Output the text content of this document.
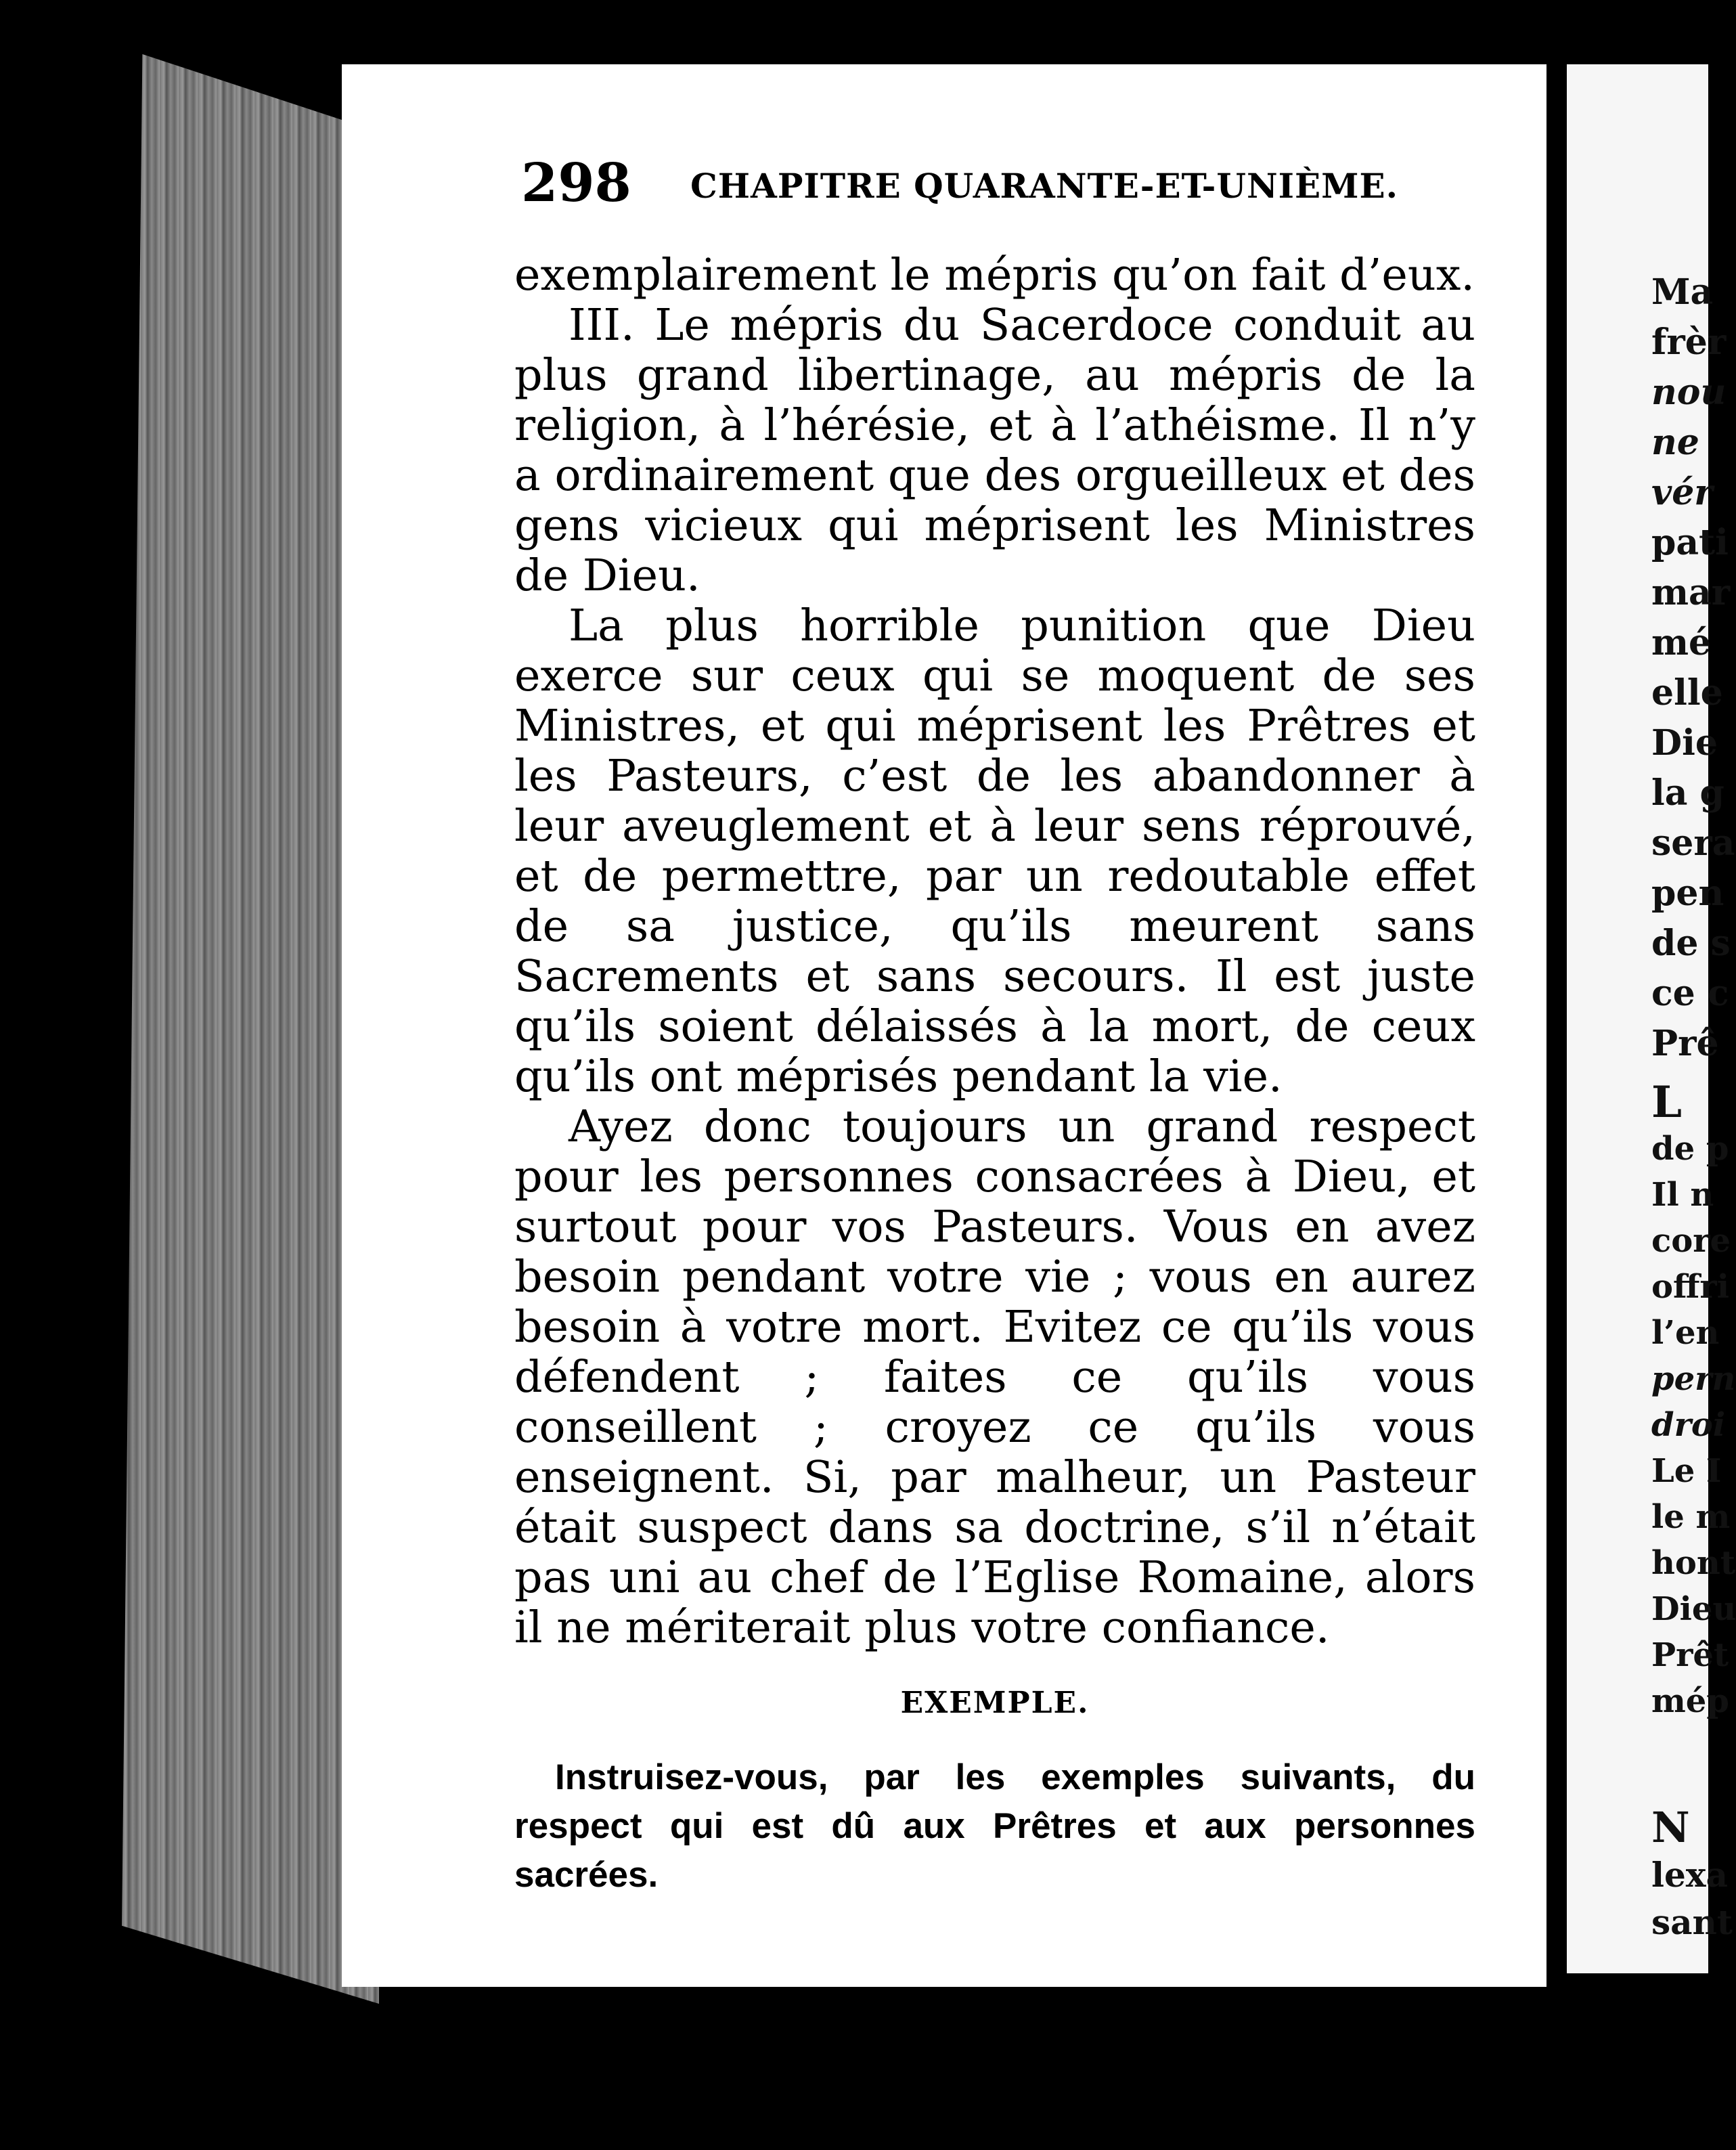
Ma
frèr
nou
ne
vér
pati
mar
mé
elle
Die
la g
sera
pen
de s
ce c
Prê
L
de p
Il n
core
offri
l’en
pern
droi
Le I
le m
hont
Dieu
Prêt
mép
N
lexa
sant
298 CHAPITRE QUARANTE-ET-UNIÈME.

exemplairement le mépris qu’on fait d’eux.

III. Le mépris du Sacerdoce conduit au plus grand libertinage, au mépris de la religion, à l’hérésie, et à l’athéisme. Il n’y a ordinairement que des orgueilleux et des gens vicieux qui méprisent les Ministres de Dieu.

La plus horrible punition que Dieu exerce sur ceux qui se moquent de ses Ministres, et qui méprisent les Prêtres et les Pasteurs, c’est de les abandonner à leur aveuglement et à leur sens réprouvé, et de permettre, par un redoutable effet de sa justice, qu’ils meurent sans Sacrements et sans secours. Il est juste qu’ils soient délaissés à la mort, de ceux qu’ils ont méprisés pendant la vie.

Ayez donc toujours un grand respect pour les personnes consacrées à Dieu, et surtout pour vos Pasteurs. Vous en avez besoin pendant votre vie ; vous en aurez besoin à votre mort. Evitez ce qu’ils vous défendent ; faites ce qu’ils vous conseillent ; croyez ce qu’ils vous enseignent. Si, par malheur, un Pasteur était suspect dans sa doctrine, s’il n’était pas uni au chef de l’Eglise Romaine, alors il ne mériterait plus votre confiance.

EXEMPLE.

Instruisez-vous, par les exemples suivants, du respect qui est dû aux Prêtres et aux personnes sacrées.
